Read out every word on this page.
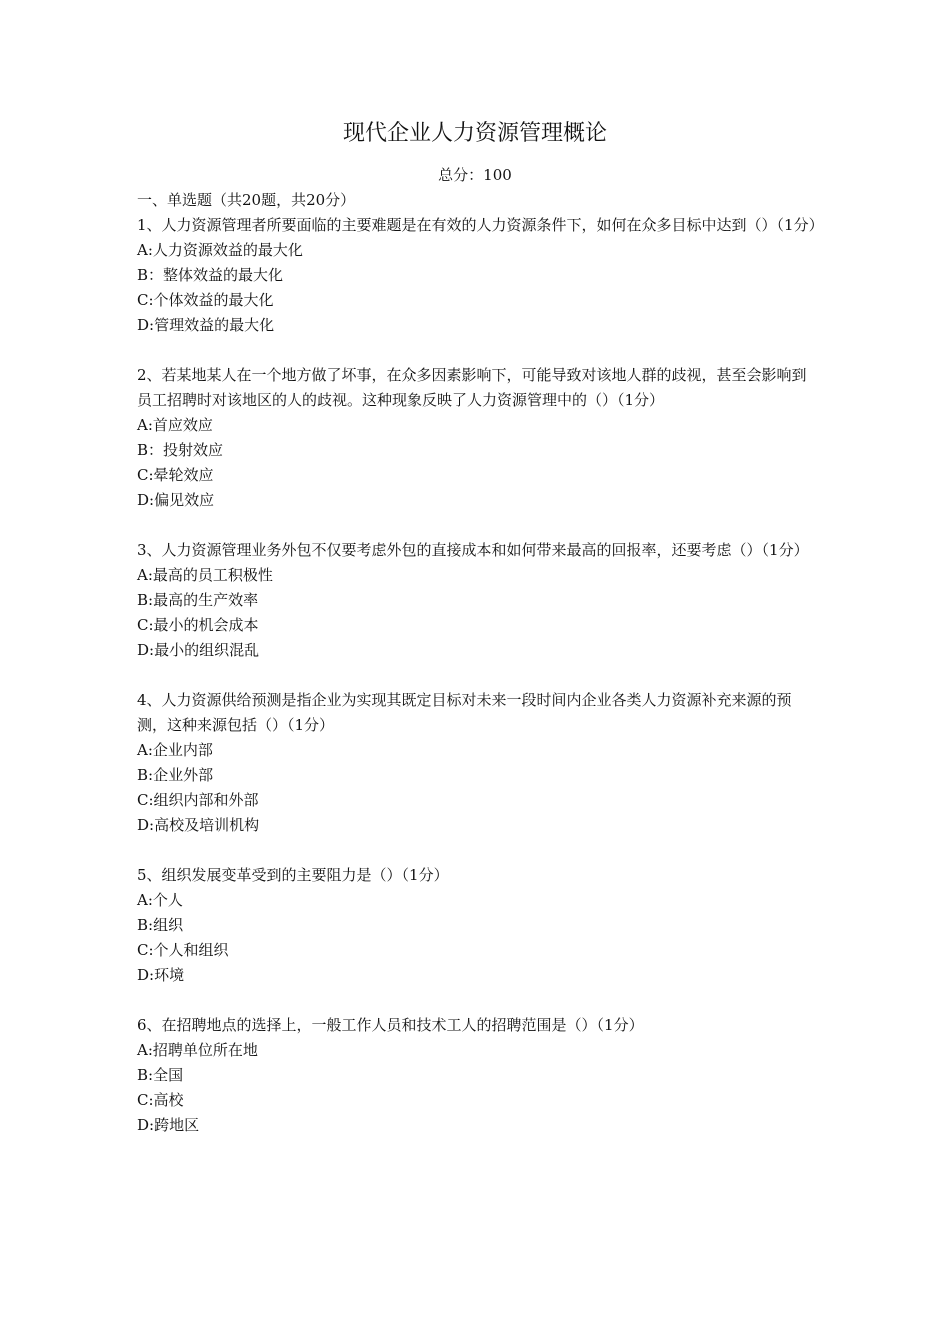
现代企业人力资源管理概论
总分：100

一、单选题（共20题，共20分）

1、人力资源管理者所要面临的主要难题是在有效的人力资源条件下，如何在众多目标中达到（）（1分）

A:人力资源效益的最大化

B：整体效益的最大化

C:个体效益的最大化

D:管理效益的最大化

2、若某地某人在一个地方做了坏事，在众多因素影响下，可能导致对该地人群的歧视，甚至会影响到员工招聘时对该地区的人的歧视。这种现象反映了人力资源管理中的（）（1分）

A:首应效应

B：投射效应

C:晕轮效应

D:偏见效应

3、人力资源管理业务外包不仅要考虑外包的直接成本和如何带来最高的回报率，还要考虑（）（1分）

A:最高的员工积极性

B:最高的生产效率

C:最小的机会成本

D:最小的组织混乱

4、人力资源供给预测是指企业为实现其既定目标对未来一段时间内企业各类人力资源补充来源的预测，这种来源包括（）（1分）

A:企业内部

B:企业外部

C:组织内部和外部

D:高校及培训机构

5、组织发展变革受到的主要阻力是（）（1分）

A:个人

B:组织

C:个人和组织

D:环境

6、在招聘地点的选择上，一般工作人员和技术工人的招聘范围是（）（1分）

A:招聘单位所在地

B:全国

C:高校

D:跨地区
